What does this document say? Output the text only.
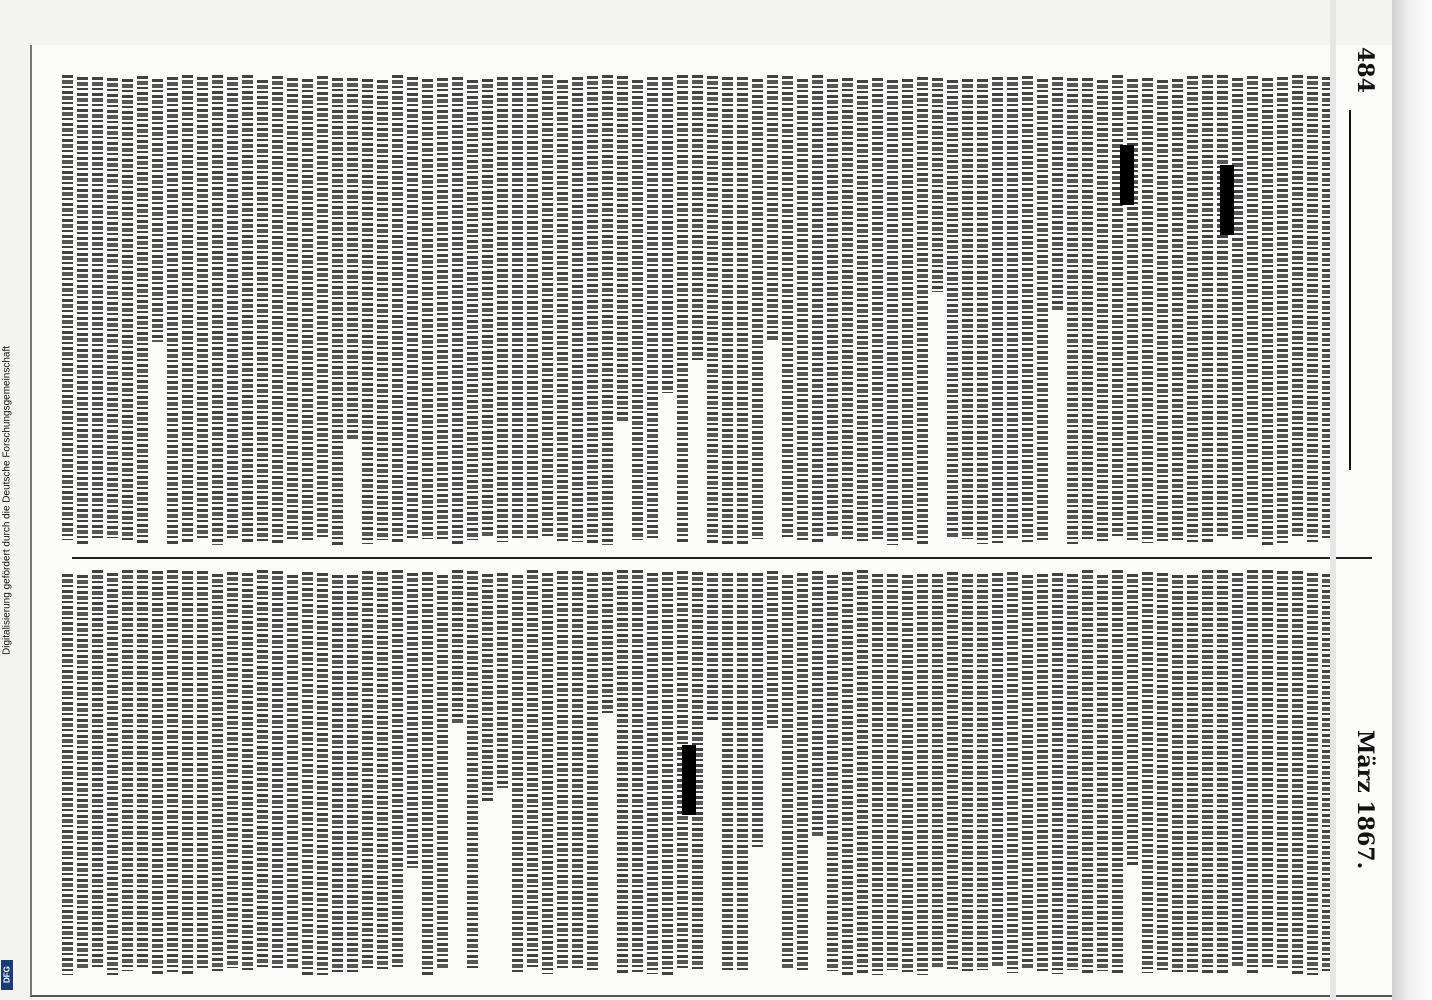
484
März 1867.
Digitalisierung gefördert durch die Deutsche Forschungsgemeinschaft
DFG
